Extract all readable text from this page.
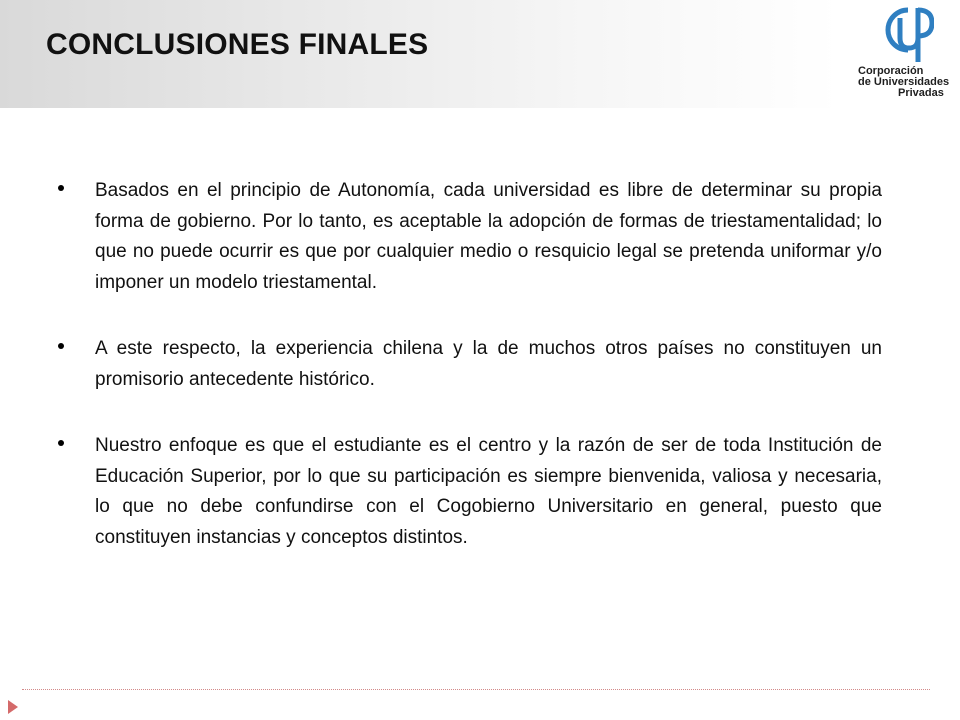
CONCLUSIONES FINALES
Corporación
de Universidades
Privadas
Basados en el principio de Autonomía, cada universidad es libre de determinar su propia forma de gobierno. Por lo tanto, es aceptable la adopción de formas de triestamentalidad; lo que no puede ocurrir es que por cualquier medio o resquicio legal se pretenda uniformar y/o imponer un modelo triestamental.
A este respecto, la experiencia chilena y la de muchos otros países no constituyen un promisorio antecedente histórico.
Nuestro enfoque es que el estudiante es el centro y la razón de ser de toda Institución de Educación Superior, por lo que su participación es siempre bienvenida, valiosa y necesaria, lo que no debe confundirse con el Cogobierno Universitario en general, puesto que constituyen instancias y conceptos distintos.
